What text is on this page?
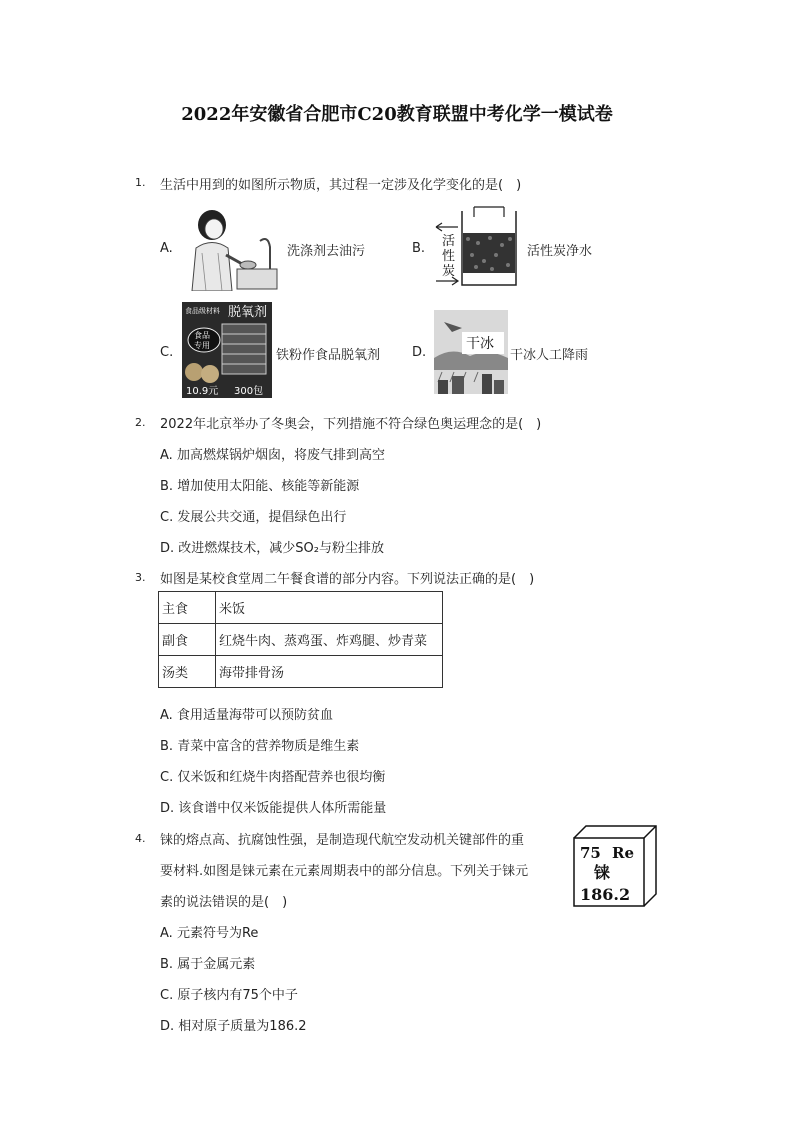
2022年安徽省合肥市C20教育联盟中考化学一模试卷
1. 生活中用到的如图所示物质，其过程一定涉及化学变化的是(　)
A.	洗涤剂去油污	B. 活
性
炭
活性炭净水
C.
食品级材料 脱氧剂
食品
专用
10.9元 300包
铁粉作食品脱氧剂 D.
干冰
干冰人工降雨
2. 2022年北京举办了冬奥会，下列措施不符合绿色奥运理念的是(　)
A. 加高燃煤锅炉烟囱，将废气排到高空
B. 增加使用太阳能、核能等新能源
C. 发展公共交通，提倡绿色出行
D. 改进燃煤技术，减少SO₂与粉尘排放
3. 如图是某校食堂周二午餐食谱的部分内容。下列说法正确的是(　)
主食	米饭
副食	红烧牛肉、蒸鸡蛋、炸鸡腿、炒青菜
汤类	海带排骨汤
A. 食用适量海带可以预防贫血
B. 青菜中富含的营养物质是维生素
C. 仅米饭和红烧牛肉搭配营养也很均衡
D. 该食谱中仅米饭能提供人体所需能量
4. 铼的熔点高、抗腐蚀性强，是制造现代航空发动机关键部件的重
要材料.如图是铼元素在元素周期表中的部分信息。下列关于铼元
素的说法错误的是(　)
75 Re
铼
186.2
A. 元素符号为Re
B. 属于金属元素
C. 原子核内有75个中子
D. 相对原子质量为186.2
